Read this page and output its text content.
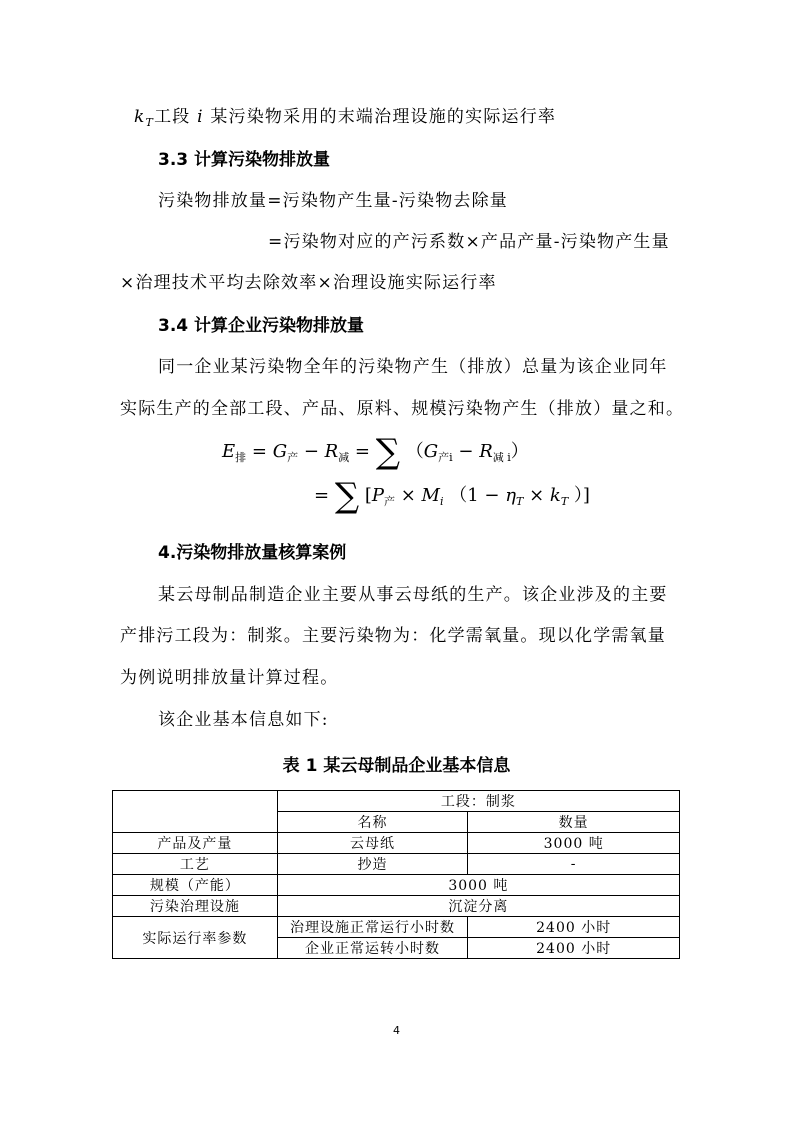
$k_T$工段 i 某污染物采用的末端治理设施的实际运行率
3.3 计算污染物排放量
污染物排放量=污染物产生量-污染物去除量
=污染物对应的产污系数×产品产量-污染物产生量
×治理技术平均去除效率×治理设施实际运行率
3.4 计算企业污染物排放量
同一企业某污染物全年的污染物产生（排放）总量为该企业同年
实际生产的全部工段、产品、原料、规模污染物产生（排放）量之和。
$E_排 = G_产 - R_减$ = ∑ $(G_{产i} - R_{减 i})$
= ∑ [$P_产 \times M_i$ （$1 - \eta_T \times k_T$ ）]
4.污染物排放量核算案例
某云母制品制造企业主要从事云母纸的生产。该企业涉及的主要
产排污工段为：制浆。主要污染物为：化学需氧量。现以化学需氧量
为例说明排放量计算过程。
该企业基本信息如下:
表 1 某云母制品企业基本信息
	工段：制浆	
	名称	数量
产品及产量	云母纸	3000 吨
工艺	抄造	-
规模（产能）	3000 吨	
污染治理设施	沉淀分离	
实际运行率参数	治理设施正常运行小时数	2400 小时
	企业正常运转小时数	2400 小时
4
